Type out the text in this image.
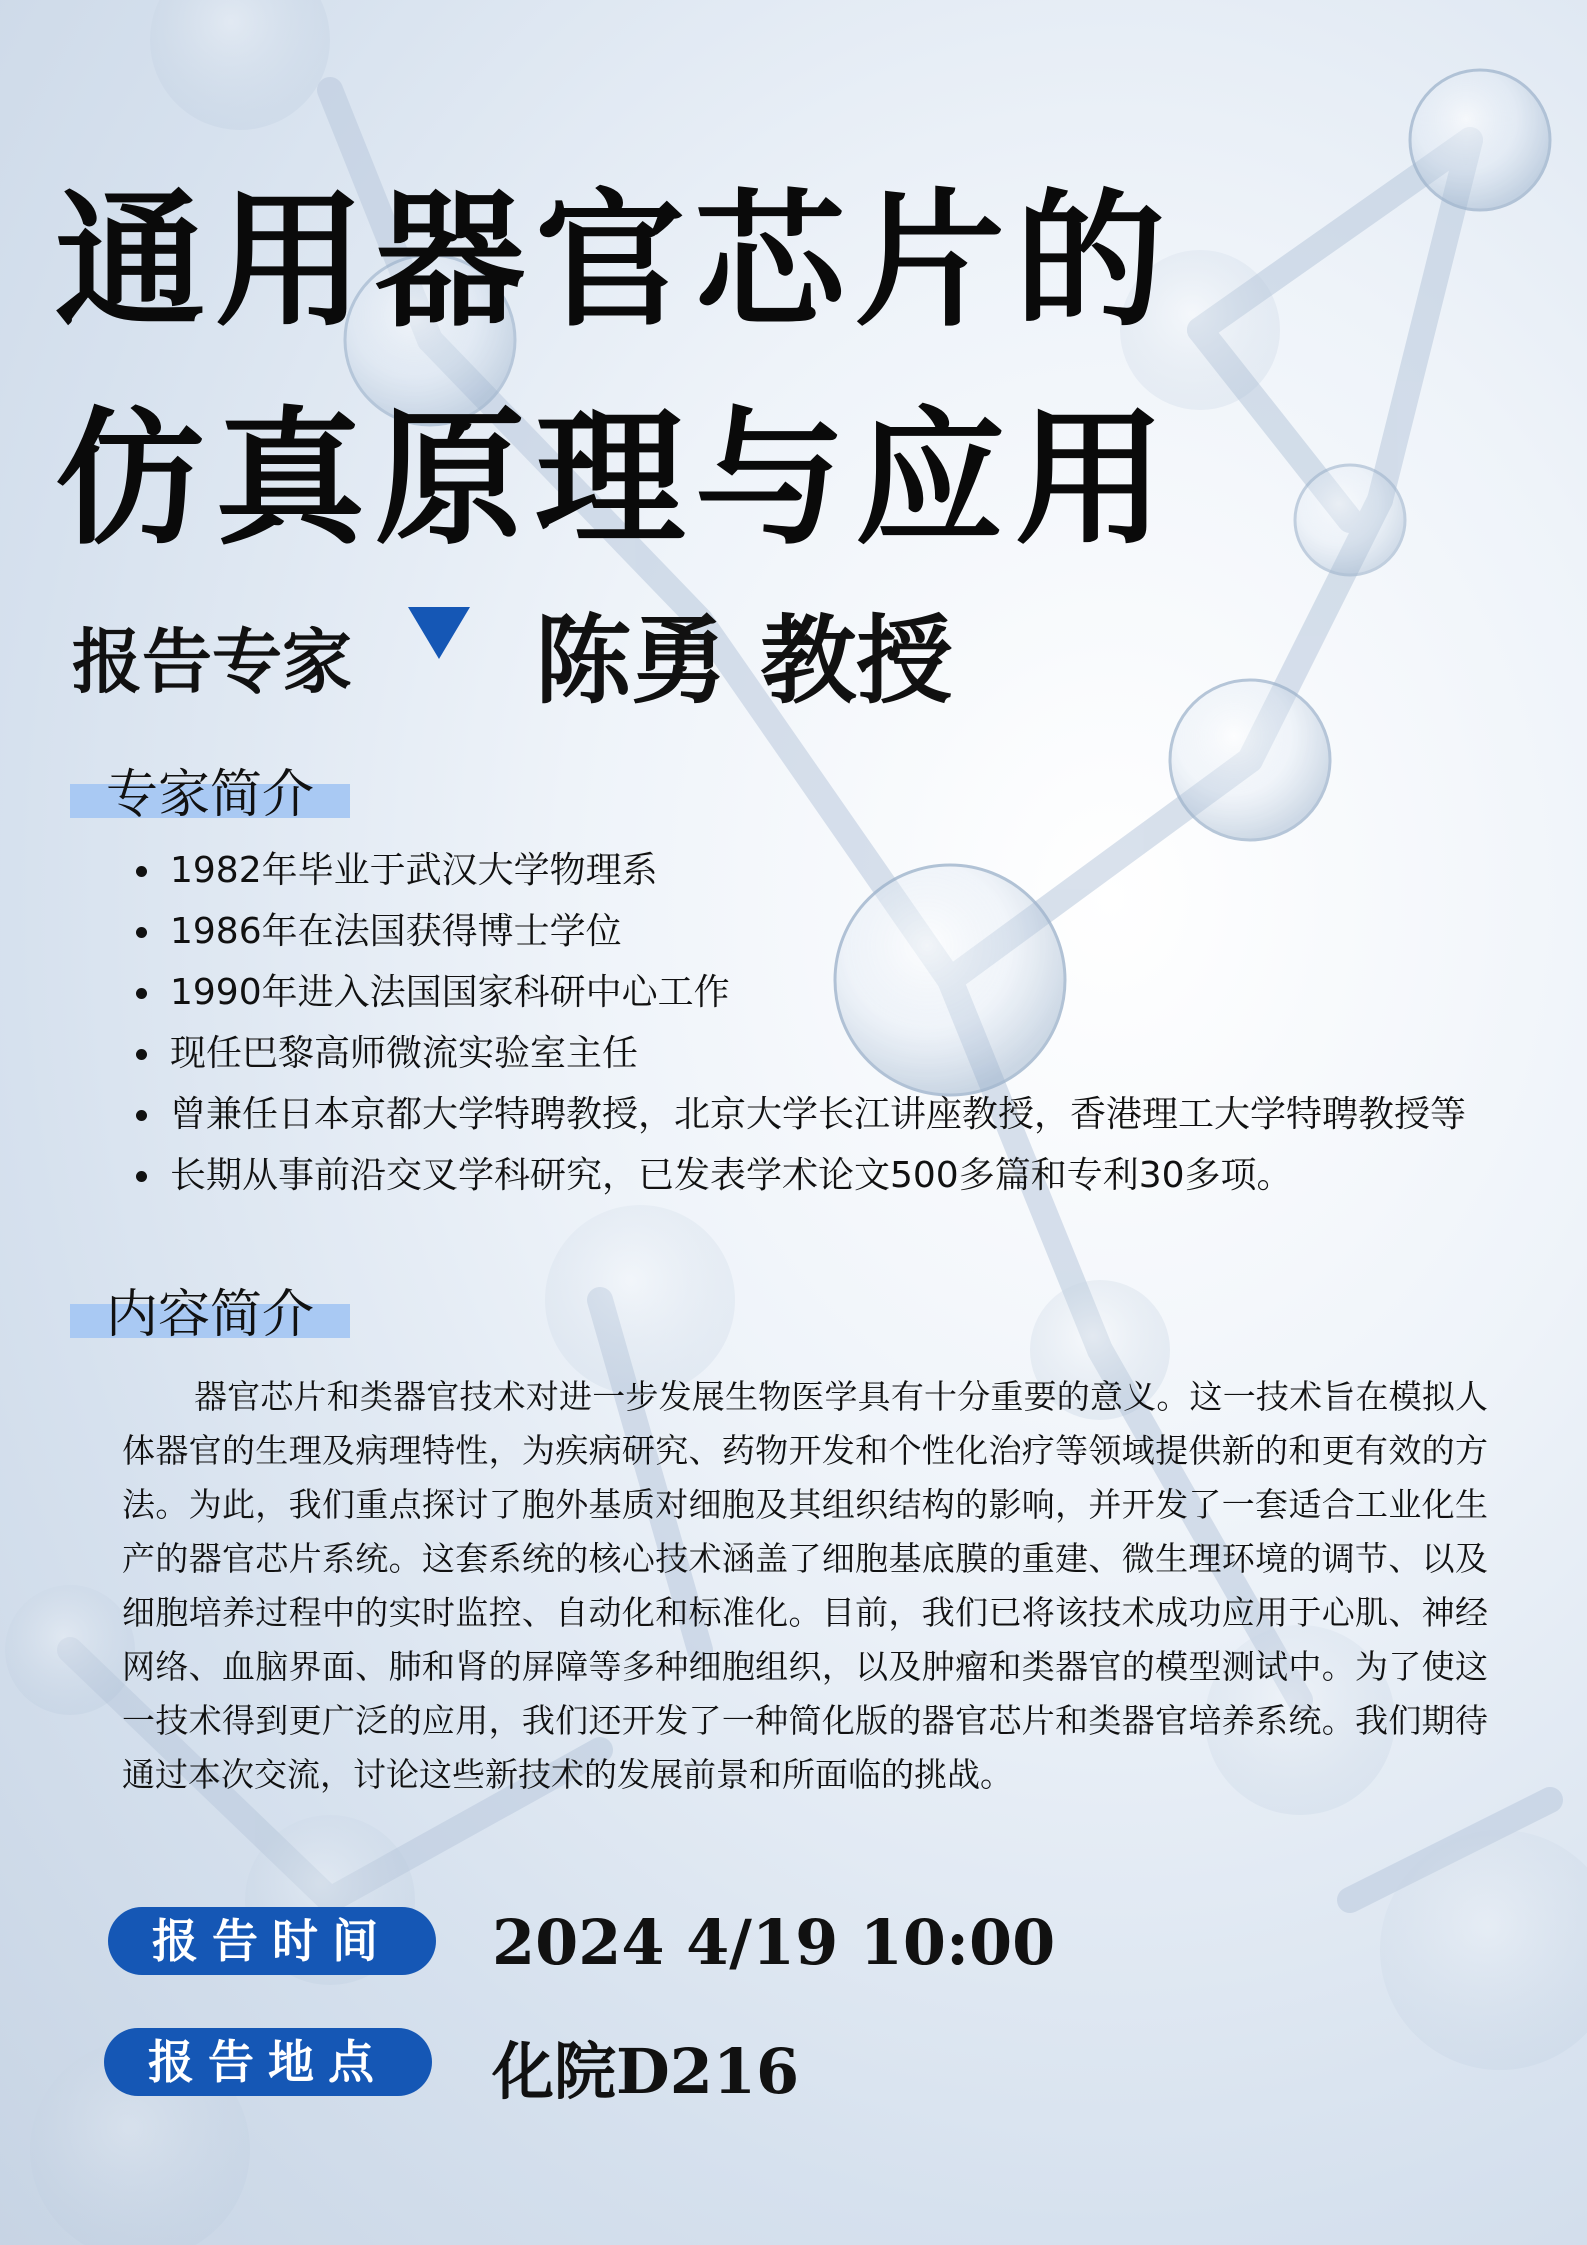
通用器官芯片的
仿真原理与应用
报告专家 陈勇 教授
专家简介
1982年毕业于武汉大学物理系
1986年在法国获得博士学位
1990年进入法国国家科研中心工作
现任巴黎高师微流实验室主任
曾兼任日本京都大学特聘教授，北京大学长江讲座教授，香港理工大学特聘教授等
长期从事前沿交叉学科研究，已发表学术论文500多篇和专利30多项。
内容简介

器官芯片和类器官技术对进一步发展生物医学具有十分重要的意义。这一技术旨在模拟人体器官的生理及病理特性，为疾病研究、药物开发和个性化治疗等领域提供新的和更有效的方法。为此，我们重点探讨了胞外基质对细胞及其组织结构的影响，并开发了一套适合工业化生产的器官芯片系统。这套系统的核心技术涵盖了细胞基底膜的重建、微生理环境的调节、以及细胞培养过程中的实时监控、自动化和标准化。目前，我们已将该技术成功应用于心肌、神经网络、血脑界面、肺和肾的屏障等多种细胞组织，以及肿瘤和类器官的模型测试中。为了使这一技术得到更广泛的应用，我们还开发了一种简化版的器官芯片和类器官培养系统。我们期待通过本次交流，讨论这些新技术的发展前景和所面临的挑战。

报告时间	2024 4/19 10:00
报告地点	化院D216
